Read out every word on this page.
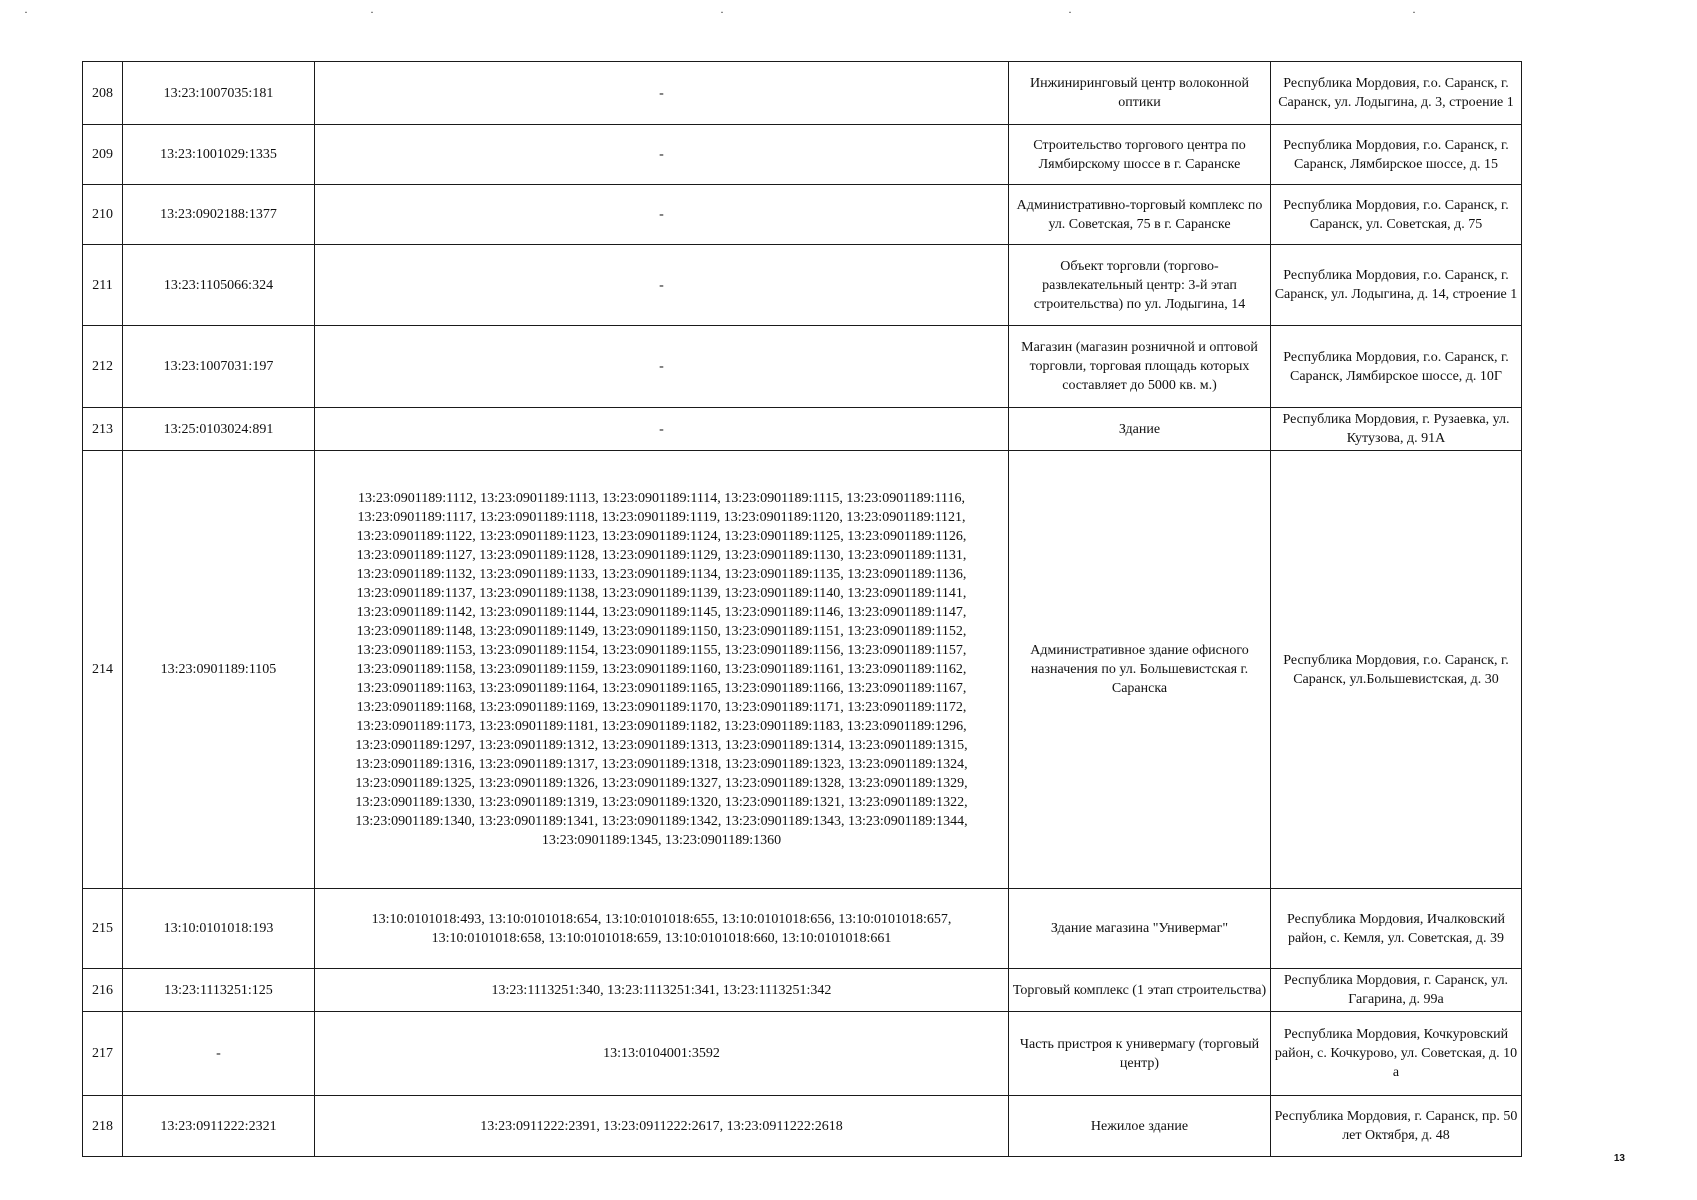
·	·	·	·	·
208	13:23:1007035:181	-	Инжиниринговый центр волоконной оптики	Республика Мордовия, г.о. Саранск, г. Саранск, ул. Лодыгина, д. 3, строение 1
209	13:23:1001029:1335	-	Строительство торгового центра по Лямбирскому шоссе в г. Саранске	Республика Мордовия, г.о. Саранск, г. Саранск, Лямбирское шоссе, д. 15
210	13:23:0902188:1377	-	Административно-торговый комплекс по ул. Советская, 75 в г. Саранске	Республика Мордовия, г.о. Саранск, г. Саранск, ул. Советская, д. 75
211	13:23:1105066:324	-	Объект торговли (торгово-развлекательный центр: 3-й этап строительства) по ул. Лодыгина, 14	Республика Мордовия, г.о. Саранск, г. Саранск, ул. Лодыгина, д. 14, строение 1
212	13:23:1007031:197	-	Магазин (магазин розничной и оптовой торговли, торговая площадь которых составляет до 5000 кв. м.)	Республика Мордовия, г.о. Саранск, г. Саранск, Лямбирское шоссе, д. 10Г
213	13:25:0103024:891	-	Здание	Республика Мордовия, г. Рузаевка, ул. Кутузова, д. 91А
214	13:23:0901189:1105	13:23:0901189:1112, 13:23:0901189:1113, 13:23:0901189:1114, 13:23:0901189:1115, 13:23:0901189:1116, 13:23:0901189:1117, 13:23:0901189:1118, 13:23:0901189:1119, 13:23:0901189:1120, 13:23:0901189:1121, 13:23:0901189:1122, 13:23:0901189:1123, 13:23:0901189:1124, 13:23:0901189:1125, 13:23:0901189:1126, 13:23:0901189:1127, 13:23:0901189:1128, 13:23:0901189:1129, 13:23:0901189:1130, 13:23:0901189:1131, 13:23:0901189:1132, 13:23:0901189:1133, 13:23:0901189:1134, 13:23:0901189:1135, 13:23:0901189:1136, 13:23:0901189:1137, 13:23:0901189:1138, 13:23:0901189:1139, 13:23:0901189:1140, 13:23:0901189:1141, 13:23:0901189:1142, 13:23:0901189:1144, 13:23:0901189:1145, 13:23:0901189:1146, 13:23:0901189:1147, 13:23:0901189:1148, 13:23:0901189:1149, 13:23:0901189:1150, 13:23:0901189:1151, 13:23:0901189:1152, 13:23:0901189:1153, 13:23:0901189:1154, 13:23:0901189:1155, 13:23:0901189:1156, 13:23:0901189:1157, 13:23:0901189:1158, 13:23:0901189:1159, 13:23:0901189:1160, 13:23:0901189:1161, 13:23:0901189:1162, 13:23:0901189:1163, 13:23:0901189:1164, 13:23:0901189:1165, 13:23:0901189:1166, 13:23:0901189:1167, 13:23:0901189:1168, 13:23:0901189:1169, 13:23:0901189:1170, 13:23:0901189:1171, 13:23:0901189:1172, 13:23:0901189:1173, 13:23:0901189:1181, 13:23:0901189:1182, 13:23:0901189:1183, 13:23:0901189:1296, 13:23:0901189:1297, 13:23:0901189:1312, 13:23:0901189:1313, 13:23:0901189:1314, 13:23:0901189:1315, 13:23:0901189:1316, 13:23:0901189:1317, 13:23:0901189:1318, 13:23:0901189:1323, 13:23:0901189:1324, 13:23:0901189:1325, 13:23:0901189:1326, 13:23:0901189:1327, 13:23:0901189:1328, 13:23:0901189:1329, 13:23:0901189:1330, 13:23:0901189:1319, 13:23:0901189:1320, 13:23:0901189:1321, 13:23:0901189:1322, 13:23:0901189:1340, 13:23:0901189:1341, 13:23:0901189:1342, 13:23:0901189:1343, 13:23:0901189:1344, 13:23:0901189:1345, 13:23:0901189:1360	Административное здание офисного назначения по ул. Большевистская г. Саранска	Республика Мордовия, г.о. Саранск, г. Саранск, ул.Большевистская, д. 30
215	13:10:0101018:193	13:10:0101018:493, 13:10:0101018:654, 13:10:0101018:655, 13:10:0101018:656, 13:10:0101018:657, 13:10:0101018:658, 13:10:0101018:659, 13:10:0101018:660, 13:10:0101018:661	Здание магазина "Универмаг"	Республика Мордовия, Ичалковский район, с. Кемля, ул. Советская, д. 39
216	13:23:1113251:125	13:23:1113251:340, 13:23:1113251:341, 13:23:1113251:342	Торговый комплекс (1 этап строительства)	Республика Мордовия, г. Саранск, ул. Гагарина, д. 99а
217	-	13:13:0104001:3592	Часть пристроя к универмагу (торговый центр)	Республика Мордовия, Кочкуровский район, с. Кочкурово, ул. Советская, д. 10 а
218	13:23:0911222:2321	13:23:0911222:2391, 13:23:0911222:2617, 13:23:0911222:2618	Нежилое здание	Республика Мордовия, г. Саранск, пр. 50 лет Октября, д. 48
13
